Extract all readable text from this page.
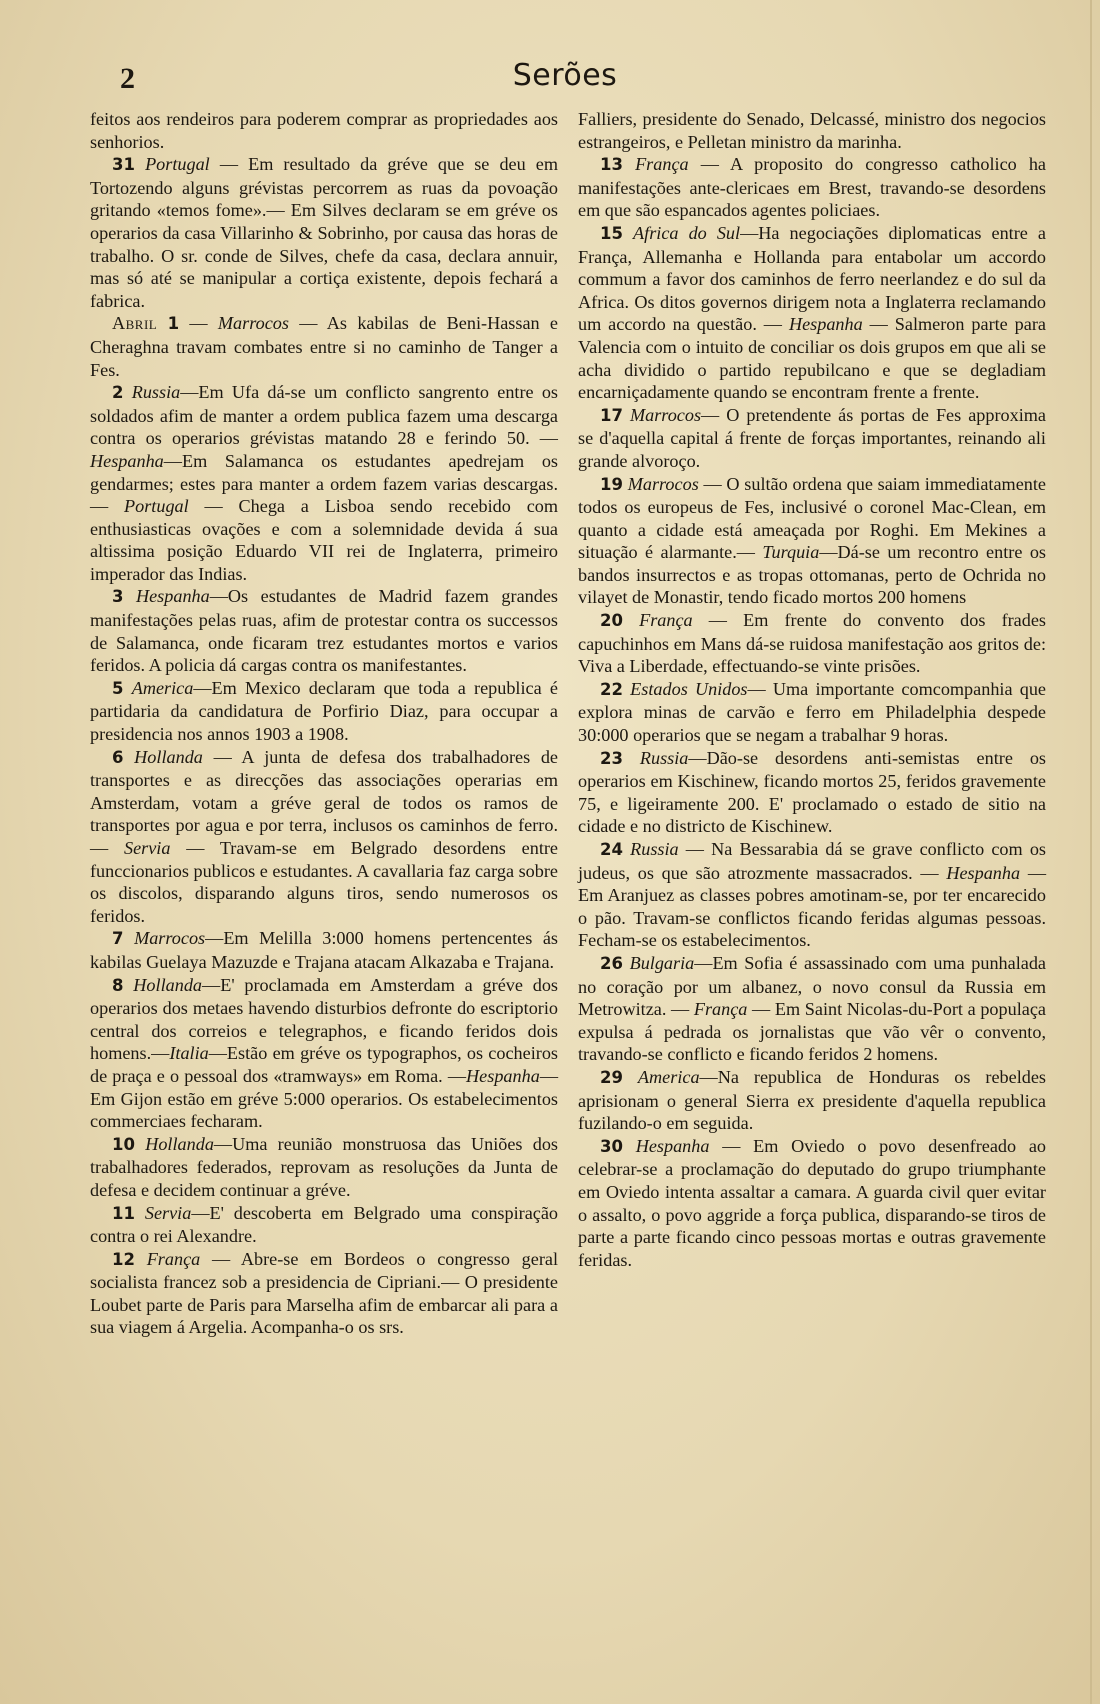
2	Serões

feitos aos rendeiros para poderem comprar as propriedades aos senhorios.

31 Portugal — Em resultado da gréve que se deu em Tortozendo alguns grévistas percorrem as ruas da povoação gritando «temos fome».— Em Silves declaram se em gréve os operarios da casa Villarinho & Sobrinho, por causa das horas de trabalho. O sr. conde de Silves, chefe da casa, declara annuir, mas só até se manipular a cortiça existente, depois fechará a fabrica.

Abril 1 — Marrocos — As kabilas de Beni-Hassan e Cheraghna travam combates entre si no caminho de Tanger a Fes.

2 Russia—Em Ufa dá-se um conflicto sangrento entre os soldados afim de manter a ordem publica fazem uma descarga contra os operarios grévistas matando 28 e ferindo 50. — Hespanha—Em Salamanca os estudantes apedrejam os gendarmes; estes para manter a ordem fazem varias descargas. — Portugal — Chega a Lisboa sendo recebido com enthusiasticas ovações e com a solemnidade devida á sua altissima posição Eduardo VII rei de Inglaterra, primeiro imperador das Indias.

3 Hespanha—Os estudantes de Madrid fazem grandes manifestações pelas ruas, afim de protestar contra os successos de Salamanca, onde ficaram trez estudantes mortos e varios feridos. A policia dá cargas contra os manifestantes.

5 America—Em Mexico declaram que toda a republica é partidaria da candidatura de Porfirio Diaz, para occupar a presidencia nos annos 1903 a 1908.

6 Hollanda — A junta de defesa dos trabalhadores de transportes e as direcções das associações operarias em Amsterdam, votam a gréve geral de todos os ramos de transportes por agua e por terra, inclusos os caminhos de ferro. — Servia — Travam-se em Belgrado desordens entre funccionarios publicos e estudantes. A cavallaria faz carga sobre os discolos, disparando alguns tiros, sendo numerosos os feridos.

7 Marrocos—Em Melilla 3:000 homens pertencentes ás kabilas Guelaya Mazuzde e Trajana atacam Alkazaba e Trajana.

8 Hollanda—E' proclamada em Amsterdam a gréve dos operarios dos metaes havendo disturbios defronte do escriptorio central dos correios e telegraphos, e ficando feridos dois homens.—Italia—Estão em gréve os typographos, os cocheiros de praça e o pessoal dos «tramways» em Roma. —Hespanha— Em Gijon estão em gréve 5:000 operarios. Os estabelecimentos commerciaes fecharam.

10 Hollanda—Uma reunião monstruosa das Uniões dos trabalhadores federados, reprovam as resoluções da Junta de defesa e decidem continuar a gréve.

11 Servia—E' descoberta em Belgrado uma conspiração contra o rei Alexandre.

12 França — Abre-se em Bordeos o congresso geral socialista francez sob a presidencia de Cipriani.— O presidente Loubet parte de Paris para Marselha afim de embarcar ali para a sua viagem á Argelia. Acompanha-o os srs.

Falliers, presidente do Senado, Delcassé, ministro dos negocios estrangeiros, e Pelletan ministro da marinha.

13 França — A proposito do congresso catholico ha manifestações ante-clericaes em Brest, travando-se desordens em que são espancados agentes policiaes.

15 Africa do Sul—Ha negociações diplomaticas entre a França, Allemanha e Hollanda para entabolar um accordo commum a favor dos caminhos de ferro neerlandez e do sul da Africa. Os ditos governos dirigem nota a Inglaterra reclamando um accordo na questão. — Hespanha — Salmeron parte para Valencia com o intuito de conciliar os dois grupos em que ali se acha dividido o partido repubilcano e que se degladiam encarniçadamente quando se encontram frente a frente.

17 Marrocos— O pretendente ás portas de Fes approxima se d'aquella capital á frente de forças importantes, reinando ali grande alvoroço.

19 Marrocos — O sultão ordena que saiam immediatamente todos os europeus de Fes, inclusivé o coronel Mac-Clean, em quanto a cidade está ameaçada por Roghi. Em Mekines a situação é alarmante.— Turquia—Dá-se um recontro entre os bandos insurrectos e as tropas ottomanas, perto de Ochrida no vilayet de Monastir, tendo ficado mortos 200 homens

20 França — Em frente do convento dos frades capuchinhos em Mans dá-se ruidosa manifestação aos gritos de: Viva a Liberdade, effectuando-se vinte prisões.

22 Estados Unidos— Uma importante comcompanhia que explora minas de carvão e ferro em Philadelphia despede 30:000 operarios que se negam a trabalhar 9 horas.

23 Russia—Dão-se desordens anti-semistas entre os operarios em Kischinew, ficando mortos 25, feridos gravemente 75, e ligeiramente 200. E' proclamado o estado de sitio na cidade e no districto de Kischinew.

24 Russia — Na Bessarabia dá se grave conflicto com os judeus, os que são atrozmente massacrados. — Hespanha — Em Aranjuez as classes pobres amotinam-se, por ter encarecido o pão. Travam-se conflictos ficando feridas algumas pessoas. Fecham-se os estabelecimentos.

26 Bulgaria—Em Sofia é assassinado com uma punhalada no coração por um albanez, o novo consul da Russia em Metrowitza. — França — Em Saint Nicolas-du-Port a populaça expulsa á pedrada os jornalistas que vão vêr o convento, travando-se conflicto e ficando feridos 2 homens.

29 America—Na republica de Honduras os rebeldes aprisionam o general Sierra ex presidente d'aquella republica fuzilando-o em seguida.

30 Hespanha — Em Oviedo o povo desenfreado ao celebrar-se a proclamação do deputado do grupo triumphante em Oviedo intenta assaltar a camara. A guarda civil quer evitar o assalto, o povo aggride a força publica, disparando-se tiros de parte a parte ficando cinco pessoas mortas e outras gravemente feridas.
